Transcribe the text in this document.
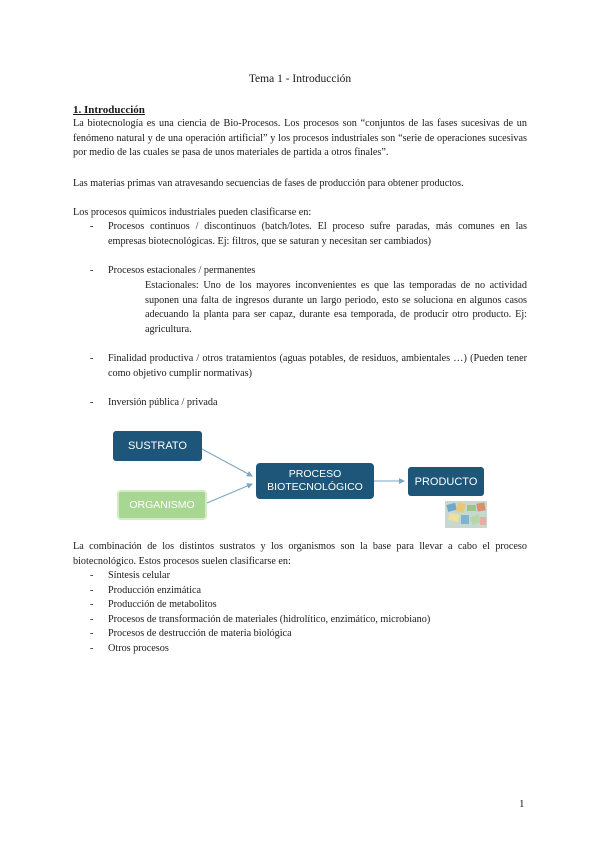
Tema 1 - Introducción
1. Introducción
La biotecnología es una ciencia de Bio-Procesos. Los procesos son “conjuntos de las fases sucesivas de un fenómeno natural y de una operación artificial” y los procesos industriales son “serie de operaciones sucesivas por medio de las cuales se pasa de unos materiales de partida a otros finales”.
Las materias primas van atravesando secuencias de fases de producción para obtener productos.
Los procesos químicos industriales pueden clasificarse en:
- Procesos continuos / discontinuos (batch/lotes. El proceso sufre paradas, más comunes en las empresas biotecnológicas. Ej: filtros, que se saturan y necesitan ser cambiados)
- Procesos estacionales / permanentes
Estacionales: Uno de los mayores inconvenientes es que las temporadas de no actividad suponen una falta de ingresos durante un largo periodo, esto se soluciona en algunos casos adecuando la planta para ser capaz, durante esa temporada, de producir otro producto. Ej: agricultura.
- Finalidad productiva / otros tratamientos (aguas potables, de residuos, ambientales …) (Pueden tener como objetivo cumplir normativas)
- Inversión pública / privada
SUSTRATO
ORGANISMO
PROCESO
BIOTECNOLÓGICO	PRODUCTO
La combinación de los distintos sustratos y los organismos son la base para llevar a cabo el proceso biotecnológico. Estos procesos suelen clasificarse en:
- Síntesis celular
- Producción enzimática
- Producción de metabolitos
- Procesos de transformación de materiales (hidrolítico, enzimático, microbiano)
- Procesos de destrucción de materia biológica
- Otros procesos
1
